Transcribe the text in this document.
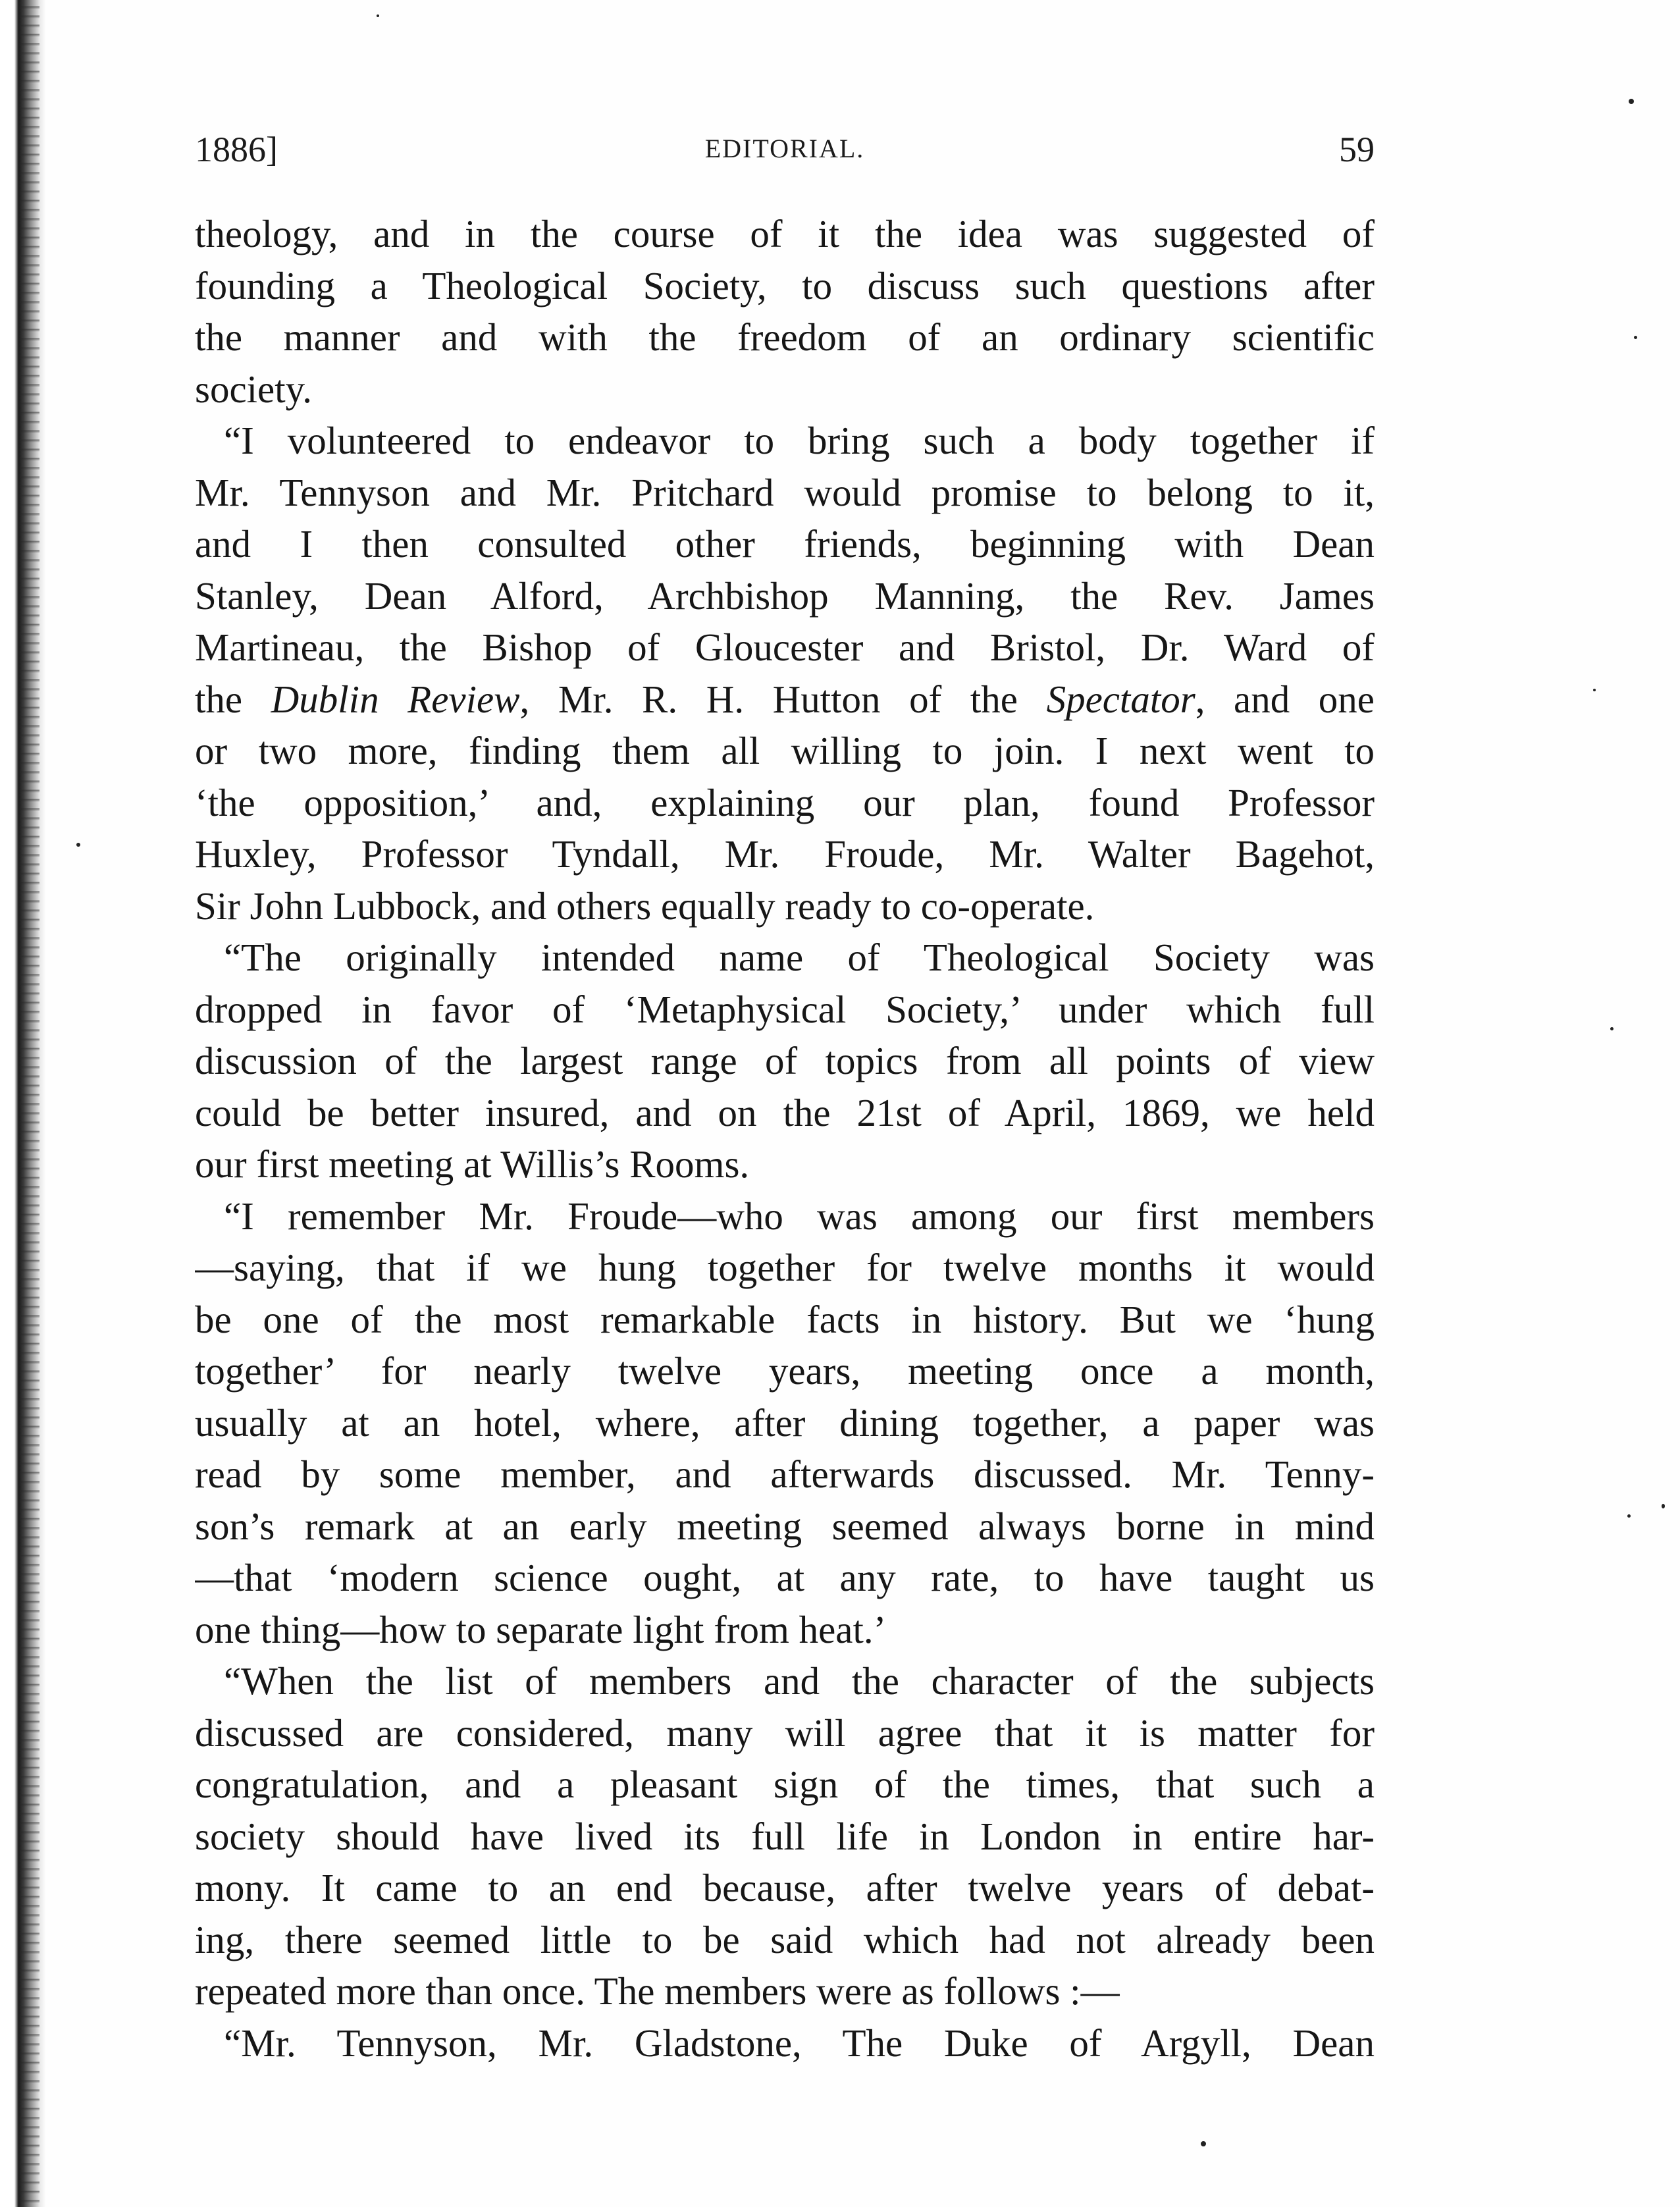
1886]	EDITORIAL.	59
theology, and in the course of it the idea was suggested of
founding a Theological Society, to discuss such questions after
the manner and with the freedom of an ordinary scientific
society.
“I volunteered to endeavor to bring such a body together if
Mr. Tennyson and Mr. Pritchard would promise to belong to it,
and I then consulted other friends, beginning with Dean
Stanley, Dean Alford, Archbishop Manning, the Rev. James
Martineau, the Bishop of Gloucester and Bristol, Dr. Ward of
the Dublin Review, Mr. R. H. Hutton of the Spectator, and one
or two more, finding them all willing to join. I next went to
‘the opposition,’ and, explaining our plan, found Professor
Huxley, Professor Tyndall, Mr. Froude, Mr. Walter Bagehot,
Sir John Lubbock, and others equally ready to co-operate.
“The originally intended name of Theological Society was
dropped in favor of ‘Metaphysical Society,’ under which full
discussion of the largest range of topics from all points of view
could be better insured, and on the 21st of April, 1869, we held
our first meeting at Willis’s Rooms.
“I remember Mr. Froude—who was among our first members
—saying, that if we hung together for twelve months it would
be one of the most remarkable facts in history. But we ‘hung
together’ for nearly twelve years, meeting once a month,
usually at an hotel, where, after dining together, a paper was
read by some member, and afterwards discussed. Mr. Tenny-
son’s remark at an early meeting seemed always borne in mind
—that ‘modern science ought, at any rate, to have taught us
one thing—how to separate light from heat.’
“When the list of members and the character of the subjects
discussed are considered, many will agree that it is matter for
congratulation, and a pleasant sign of the times, that such a
society should have lived its full life in London in entire har-
mony. It came to an end because, after twelve years of debat-
ing, there seemed little to be said which had not already been
repeated more than once. The members were as follows :—
“Mr. Tennyson, Mr. Gladstone, The Duke of Argyll, Dean
